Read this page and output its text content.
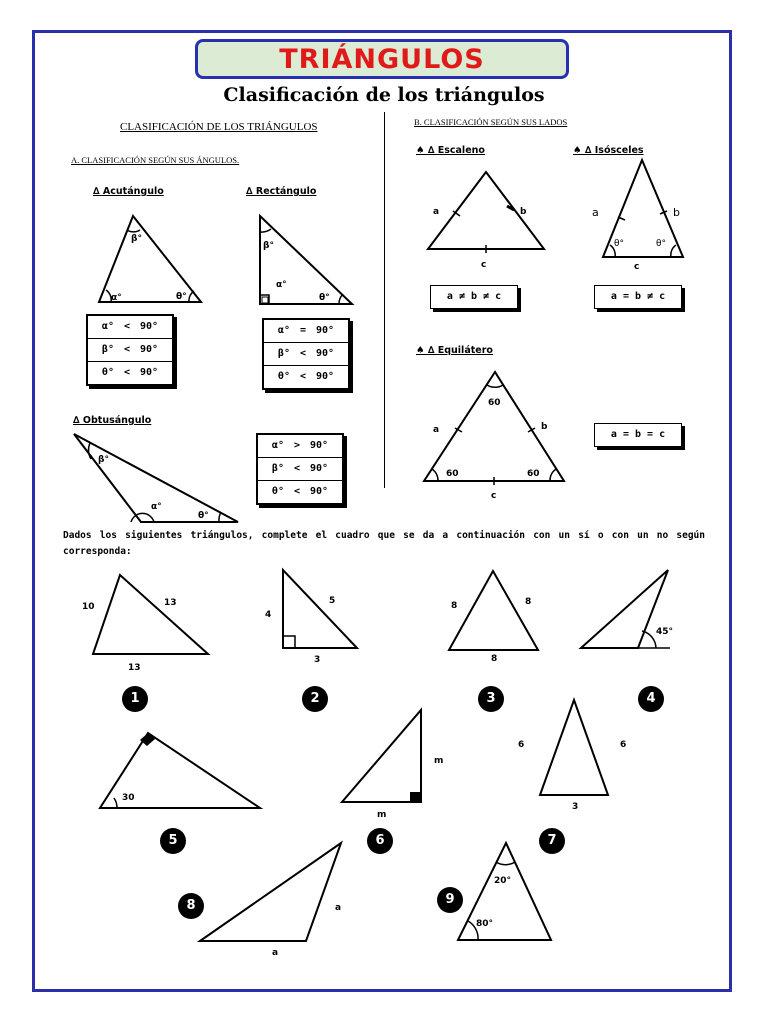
TRIÁNGULOS
Clasificación de los triángulos
CLASIFICACIÓN DE LOS TRIÁNGULOS
A. CLASIFICACIÓN SEGÚN SUS ÁNGULOS.
∆ Acutángulo	∆ Rectángulo
∆ Obtusángulo
B. CLASIFICACIÓN SEGÚN SUS LADOS
♠ ∆ Escaleno	♠ ∆ Isósceles
♠ ∆ Equilátero
α° < 90°
β° < 90°
θ° < 90°
α° = 90°
β° < 90°
θ° < 90°
α° > 90°
β° < 90°
θ° < 90°
a ≠ b ≠ c	a = b ≠ c
a = b = c
Dados los siguientes triángulos, complete el cuadro que se da a continuación con un sí o con un no según corresponda:
β°
α°	θ°
β°
α°
θ°
β°
α°
θ°
a	b
c
a	b
c
θ°	θ°
a	b
c
60
60	60
10	13
13
4
5
3
8	8
8
45°
30
m
m
6	6
3
a
a
20°
80°
1	2	3	4
5	6	7
8	9
